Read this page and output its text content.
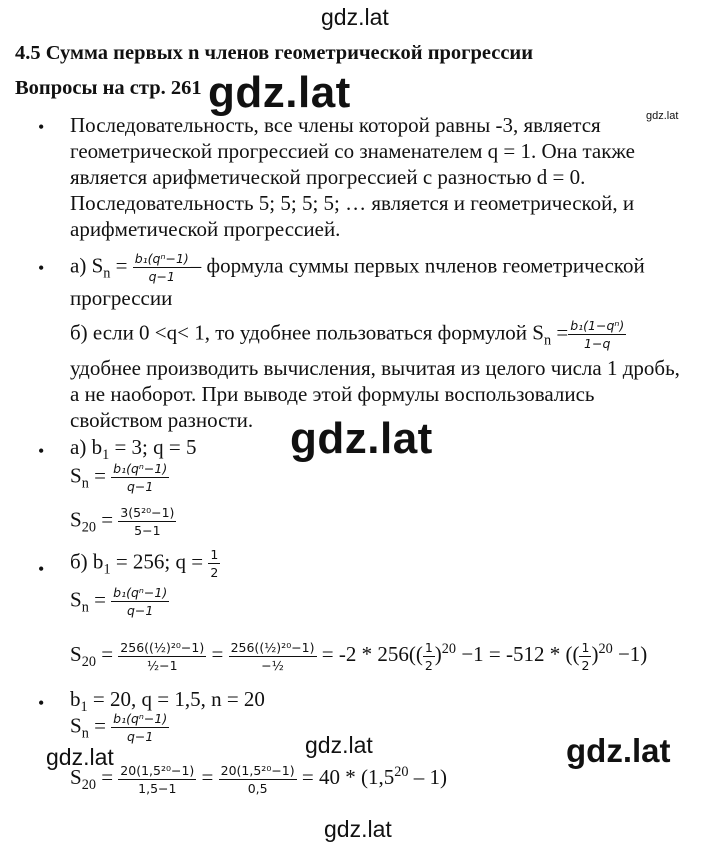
gdz.lat
gdz.lat	gdz.lat
gdz.lat
gdz.lat	gdz.lat	gdz.lat
gdz.lat
4.5 Сумма первых n членов геометрической прогрессии
Вопросы на стр. 261
• Последовательность, все члены которой равны -3, является
геометрической прогрессией со знаменателем q = 1. Она также
является арифметической прогрессией с разностью d = 0.
Последовательность 5; 5; 5; 5; … является и геометрической, и
арифметической прогрессией.
• а) $S_n = \frac{\text{b₁(qⁿ−1)}}{q-1}$ – формула суммы первых nчленов геометрической
прогрессии
б) если 0 <q< 1, то удобнее пользоваться формулой $S_n = \frac{\text{b₁(1−qⁿ)}}{1-q}$
удобнее производить вычисления, вычитая из целого числа 1 дробь,
а не наоборот. При выводе этой формулы воспользовались
свойством разности.
• а) $b_1 = 3$; q = 5
$S_n = \frac{\text{b₁(qⁿ−1)}}{q-1}$
$S_{20} = \frac{\text{3(5²⁰−1)}}{5-1}$
• б) $b_1 = 256$; $q = \frac{1}{2}$
$S_n = \frac{\text{b₁(qⁿ−1)}}{q-1}$
$S_{20} = \frac{\text{256((½)²⁰−1)}}{\text{½−1}} = \frac{\text{256((½)²⁰−1)}}{\text{−½}} = -2 * 256(( \frac{1}{2} )^{20} -1 = -512$ * (( $\frac{1}{2} )^{20} -1$)
• $b_1 = 20$, q = 1,5, n = 20
$S_n = \frac{\text{b₁(qⁿ−1)}}{q-1}$
$S_{20} = \frac{\text{20(1,5²⁰−1)}}{1,5-1} = \frac{\text{20(1,5²⁰−1)}}{0,5} = 40 * (1,5^{20} - 1)$
